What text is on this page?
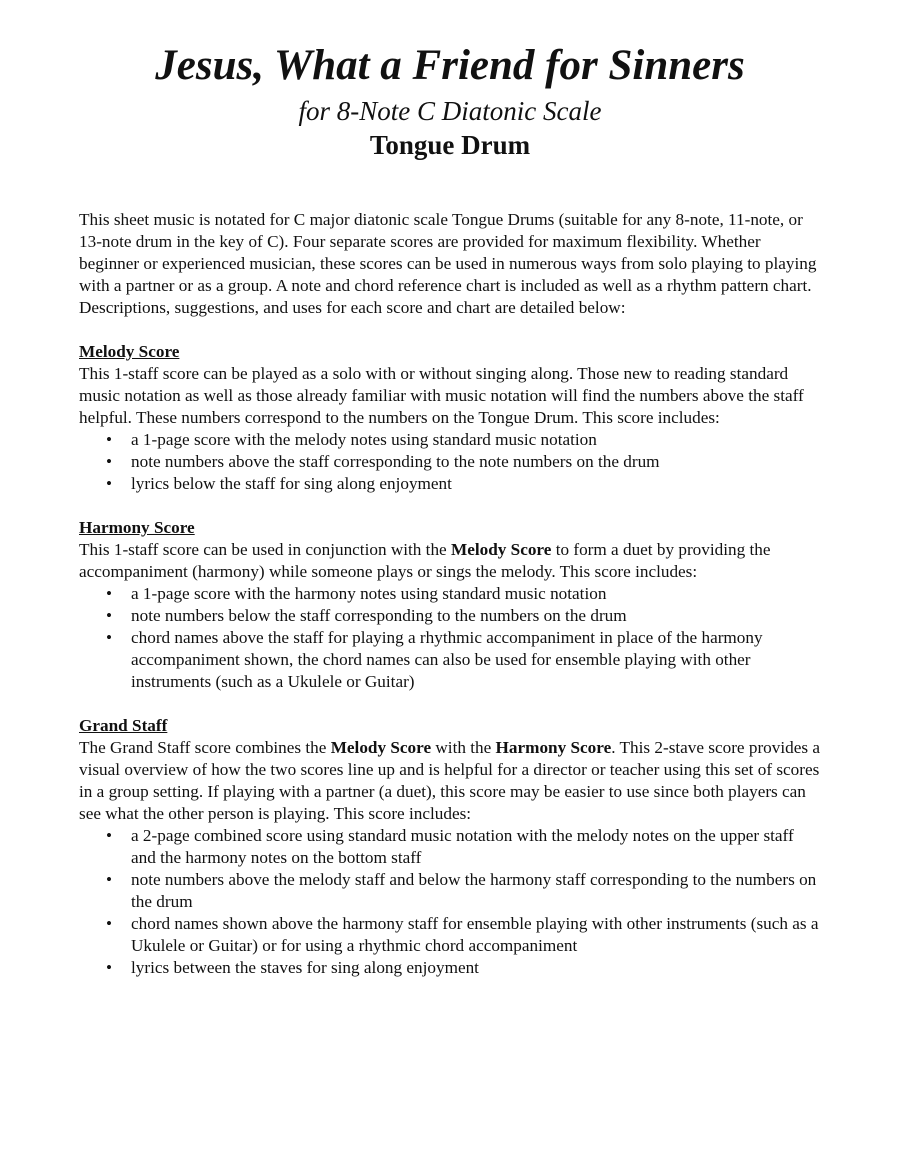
Jesus, What a Friend for Sinners
for 8-Note C Diatonic Scale
Tongue Drum

This sheet music is notated for C major diatonic scale Tongue Drums (suitable for any 8-note, 11-note, or 13-note drum in the key of C). Four separate scores are provided for maximum flexibility. Whether beginner or experienced musician, these scores can be used in numerous ways from solo playing to playing with a partner or as a group. A note and chord reference chart is included as well as a rhythm pattern chart. Descriptions, suggestions, and uses for each score and chart are detailed below:

Melody Score

This 1-staff score can be played as a solo with or without singing along. Those new to reading standard music notation as well as those already familiar with music notation will find the numbers above the staff helpful. These numbers correspond to the numbers on the Tongue Drum. This score includes:

• a 1-page score with the melody notes using standard music notation
• note numbers above the staff corresponding to the note numbers on the drum
• lyrics below the staff for sing along enjoyment

Harmony Score

This 1-staff score can be used in conjunction with the Melody Score to form a duet by providing the accompaniment (harmony) while someone plays or sings the melody. This score includes:

• a 1-page score with the harmony notes using standard music notation
• note numbers below the staff corresponding to the numbers on the drum
• chord names above the staff for playing a rhythmic accompaniment in place of the harmony accompaniment shown, the chord names can also be used for ensemble playing with other instruments (such as a Ukulele or Guitar)

Grand Staff

The Grand Staff score combines the Melody Score with the Harmony Score. This 2-stave score provides a visual overview of how the two scores line up and is helpful for a director or teacher using this set of scores in a group setting. If playing with a partner (a duet), this score may be easier to use since both players can see what the other person is playing. This score includes:

• a 2-page combined score using standard music notation with the melody notes on the upper staff and the harmony notes on the bottom staff
• note numbers above the melody staff and below the harmony staff corresponding to the numbers on the drum
• chord names shown above the harmony staff for ensemble playing with other instruments (such as a Ukulele or Guitar) or for using a rhythmic chord accompaniment
• lyrics between the staves for sing along enjoyment
